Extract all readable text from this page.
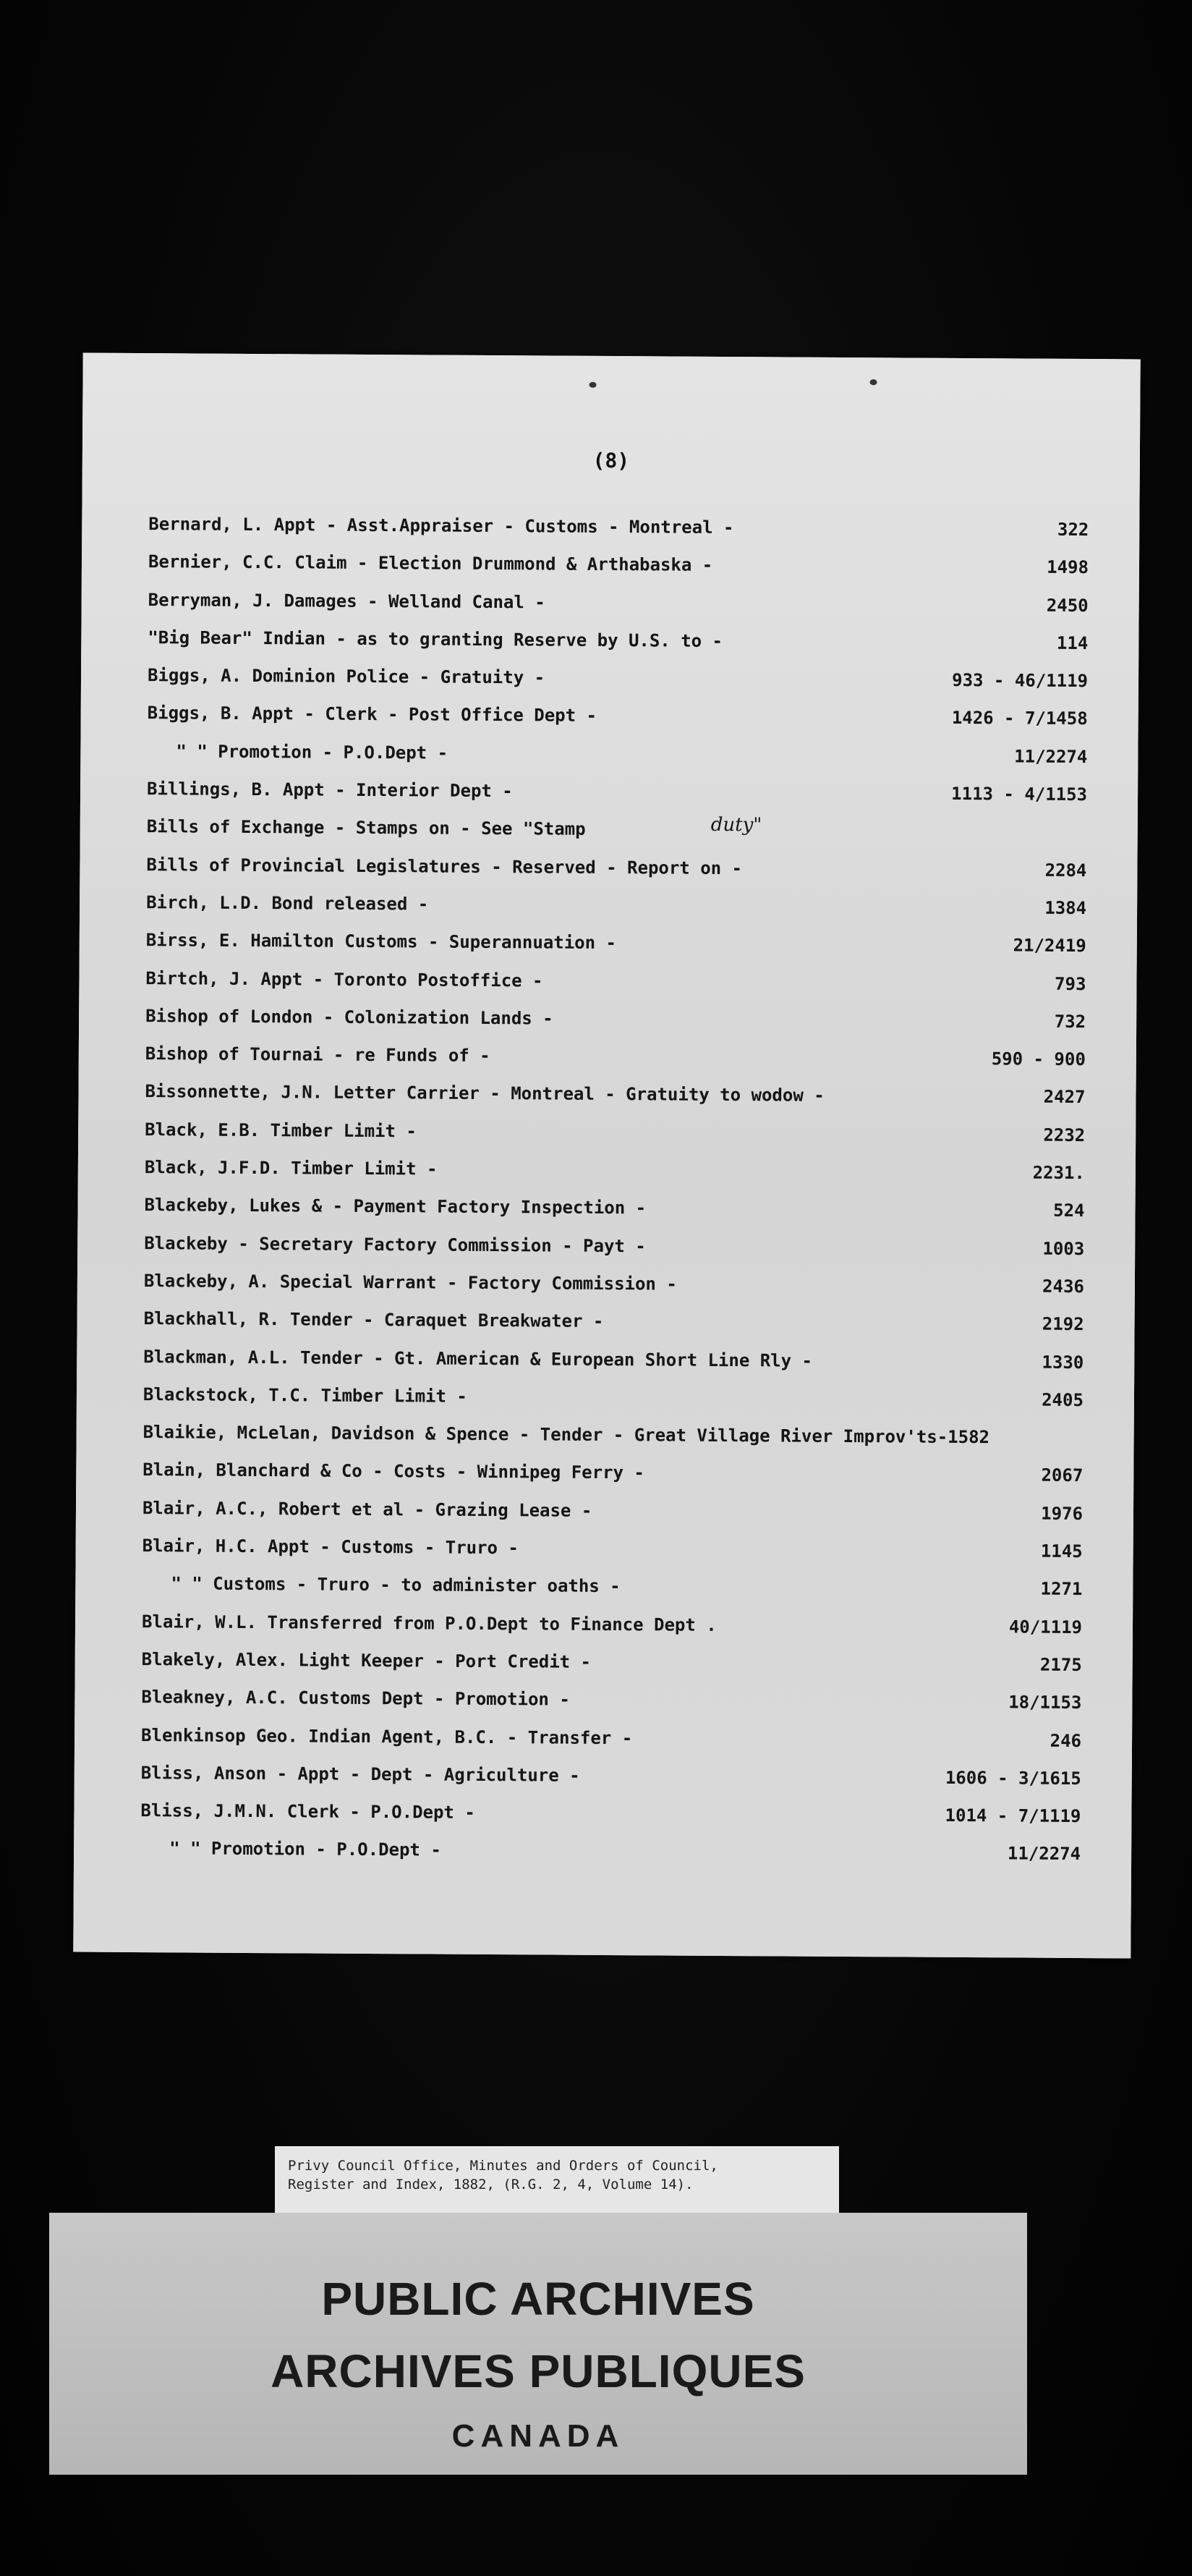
(8)
Bernard, L. Appt - Asst.Appraiser - Customs - Montreal -	322
Bernier, C.C. Claim - Election Drummond & Arthabaska -	1498
Berryman, J. Damages - Welland Canal -	2450
"Big Bear" Indian - as to granting Reserve by U.S. to -	114
Biggs, A. Dominion Police - Gratuity -	933 - 46/1119
Biggs, B. Appt - Clerk - Post Office Dept -	1426 - 7/1458
" " Promotion - P.O.Dept -	11/2274
Billings, B. Appt - Interior Dept -	1113 - 4/1153
Bills of Exchange - Stamps on - See "Stamp	duty"
Bills of Provincial Legislatures - Reserved - Report on -	2284
Birch, L.D. Bond released -	1384
Birss, E. Hamilton Customs - Superannuation -	21/2419
Birtch, J. Appt - Toronto Postoffice -	793
Bishop of London - Colonization Lands -	732
Bishop of Tournai - re Funds of -	590 - 900
Bissonnette, J.N. Letter Carrier - Montreal - Gratuity to wodow -	2427
Black, E.B. Timber Limit -	2232
Black, J.F.D. Timber Limit -	2231.
Blackeby, Lukes & - Payment Factory Inspection -	524
Blackeby - Secretary Factory Commission - Payt -	1003
Blackeby, A. Special Warrant - Factory Commission -	2436
Blackhall, R. Tender - Caraquet Breakwater -	2192
Blackman, A.L. Tender - Gt. American & European Short Line Rly -	1330
Blackstock, T.C. Timber Limit -	2405
Blaikie, McLelan, Davidson & Spence - Tender - Great Village River Improv'ts-1582
Blain, Blanchard & Co - Costs - Winnipeg Ferry -	2067
Blair, A.C., Robert et al - Grazing Lease -	1976
Blair, H.C. Appt - Customs - Truro -	1145
" " Customs - Truro - to administer oaths -	1271
Blair, W.L. Transferred from P.O.Dept to Finance Dept .	40/1119
Blakely, Alex. Light Keeper - Port Credit -	2175
Bleakney, A.C. Customs Dept - Promotion -	18/1153
Blenkinsop Geo. Indian Agent, B.C. - Transfer -	246
Bliss, Anson - Appt - Dept - Agriculture -	1606 - 3/1615
Bliss, J.M.N. Clerk - P.O.Dept -	1014 - 7/1119
" " Promotion - P.O.Dept -	11/2274
Privy Council Office, Minutes and Orders of Council,
Register and Index, 1882, (R.G. 2, 4, Volume 14).
PUBLIC ARCHIVES
ARCHIVES PUBLIQUES
CANADA
